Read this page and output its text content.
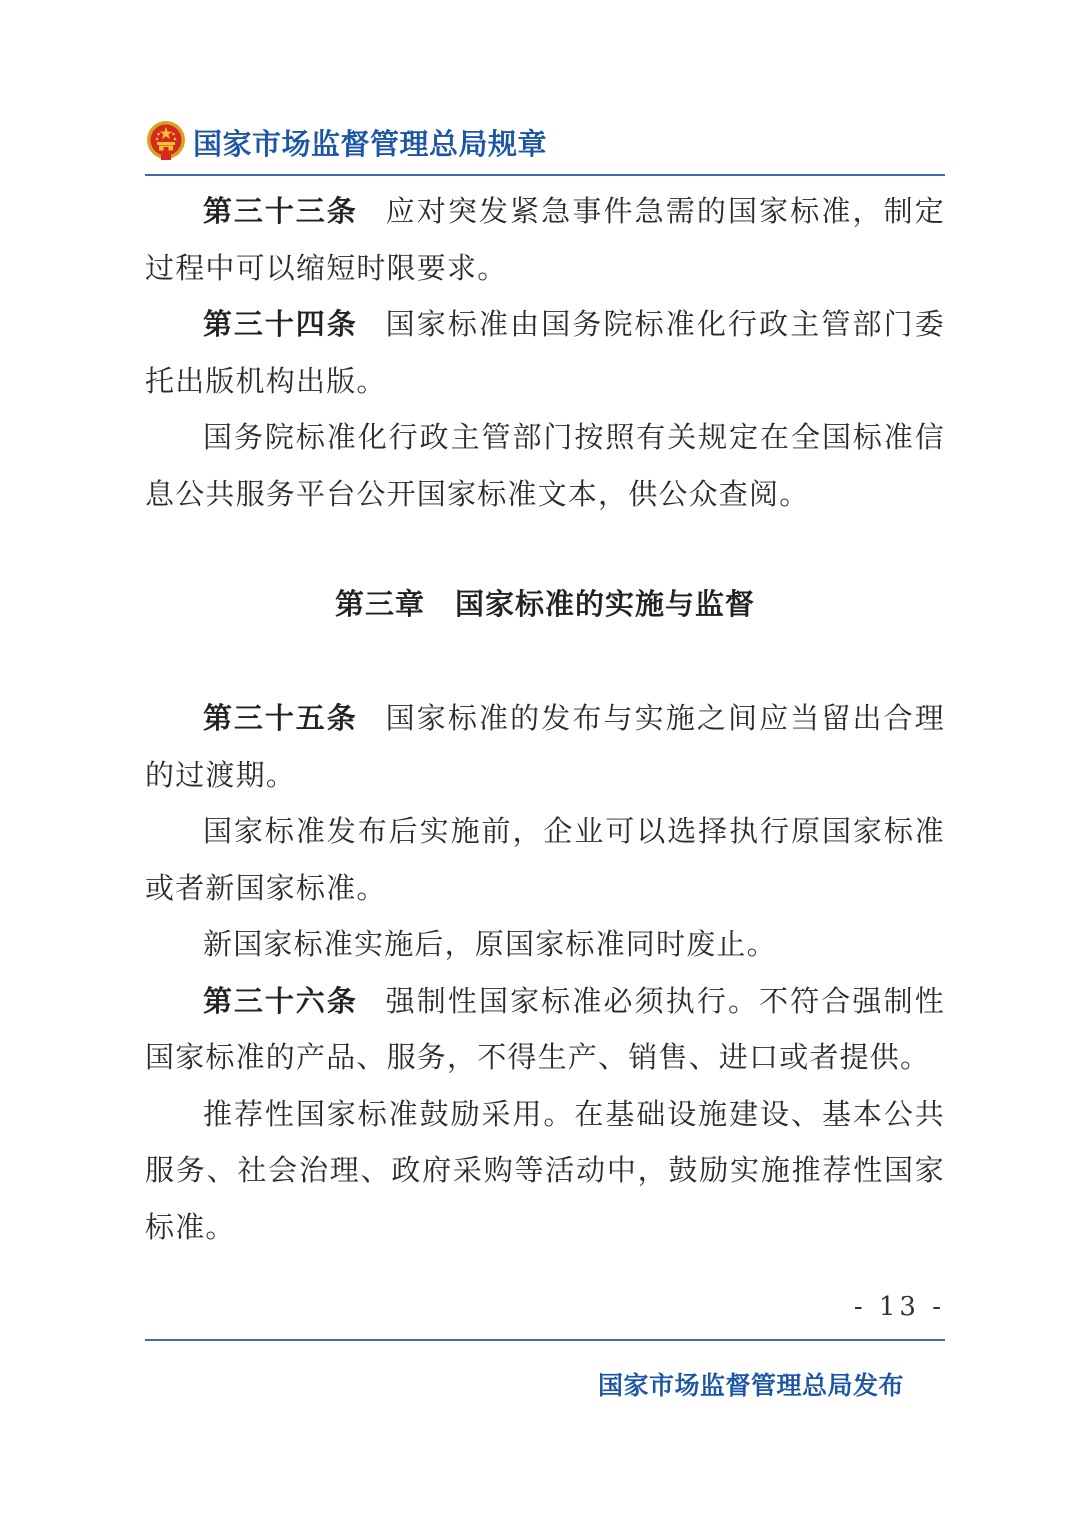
国家市场监督管理总局规章

第三十三条 应对突发紧急事件急需的国家标准，制定过程中可以缩短时限要求。

第三十四条 国家标准由国务院标准化行政主管部门委托出版机构出版。

国务院标准化行政主管部门按照有关规定在全国标准信息公共服务平台公开国家标准文本，供公众查阅。

第三章 国家标准的实施与监督

第三十五条 国家标准的发布与实施之间应当留出合理的过渡期。

国家标准发布后实施前，企业可以选择执行原国家标准或者新国家标准。

新国家标准实施后，原国家标准同时废止。

第三十六条 强制性国家标准必须执行。不符合强制性国家标准的产品、服务，不得生产、销售、进口或者提供。

推荐性国家标准鼓励采用。在基础设施建设、基本公共服务、社会治理、政府采购等活动中，鼓励实施推荐性国家标准。

- 13 -
国家市场监督管理总局发布
